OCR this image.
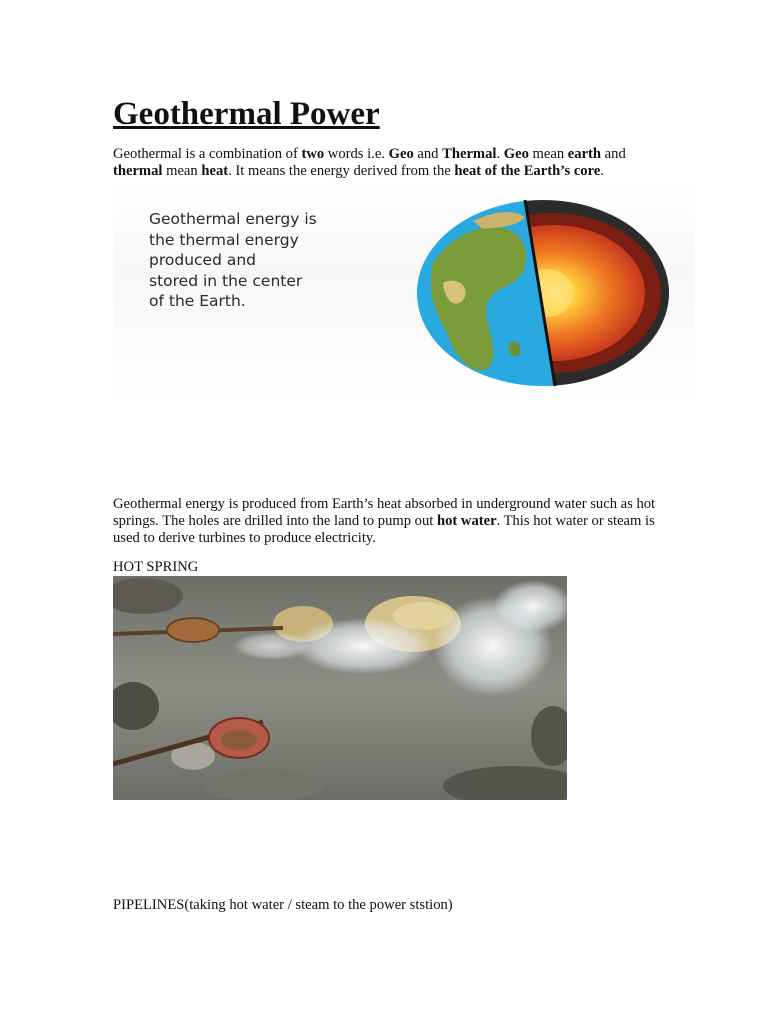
Geothermal Power

Geothermal is a combination of two words i.e. Geo and Thermal. Geo mean earth and thermal mean heat. It means the energy derived from the heat of the Earth’s core.

Geothermal energy is
the thermal energy
produced and
stored in the center
of the Earth.

Geothermal energy is produced from Earth’s heat absorbed in underground water such as hot springs. The holes are drilled into the land to pump out hot water. This hot water or steam is used to derive turbines to produce electricity.

HOT SPRING

PIPELINES(taking hot water / steam to the power ststion)
